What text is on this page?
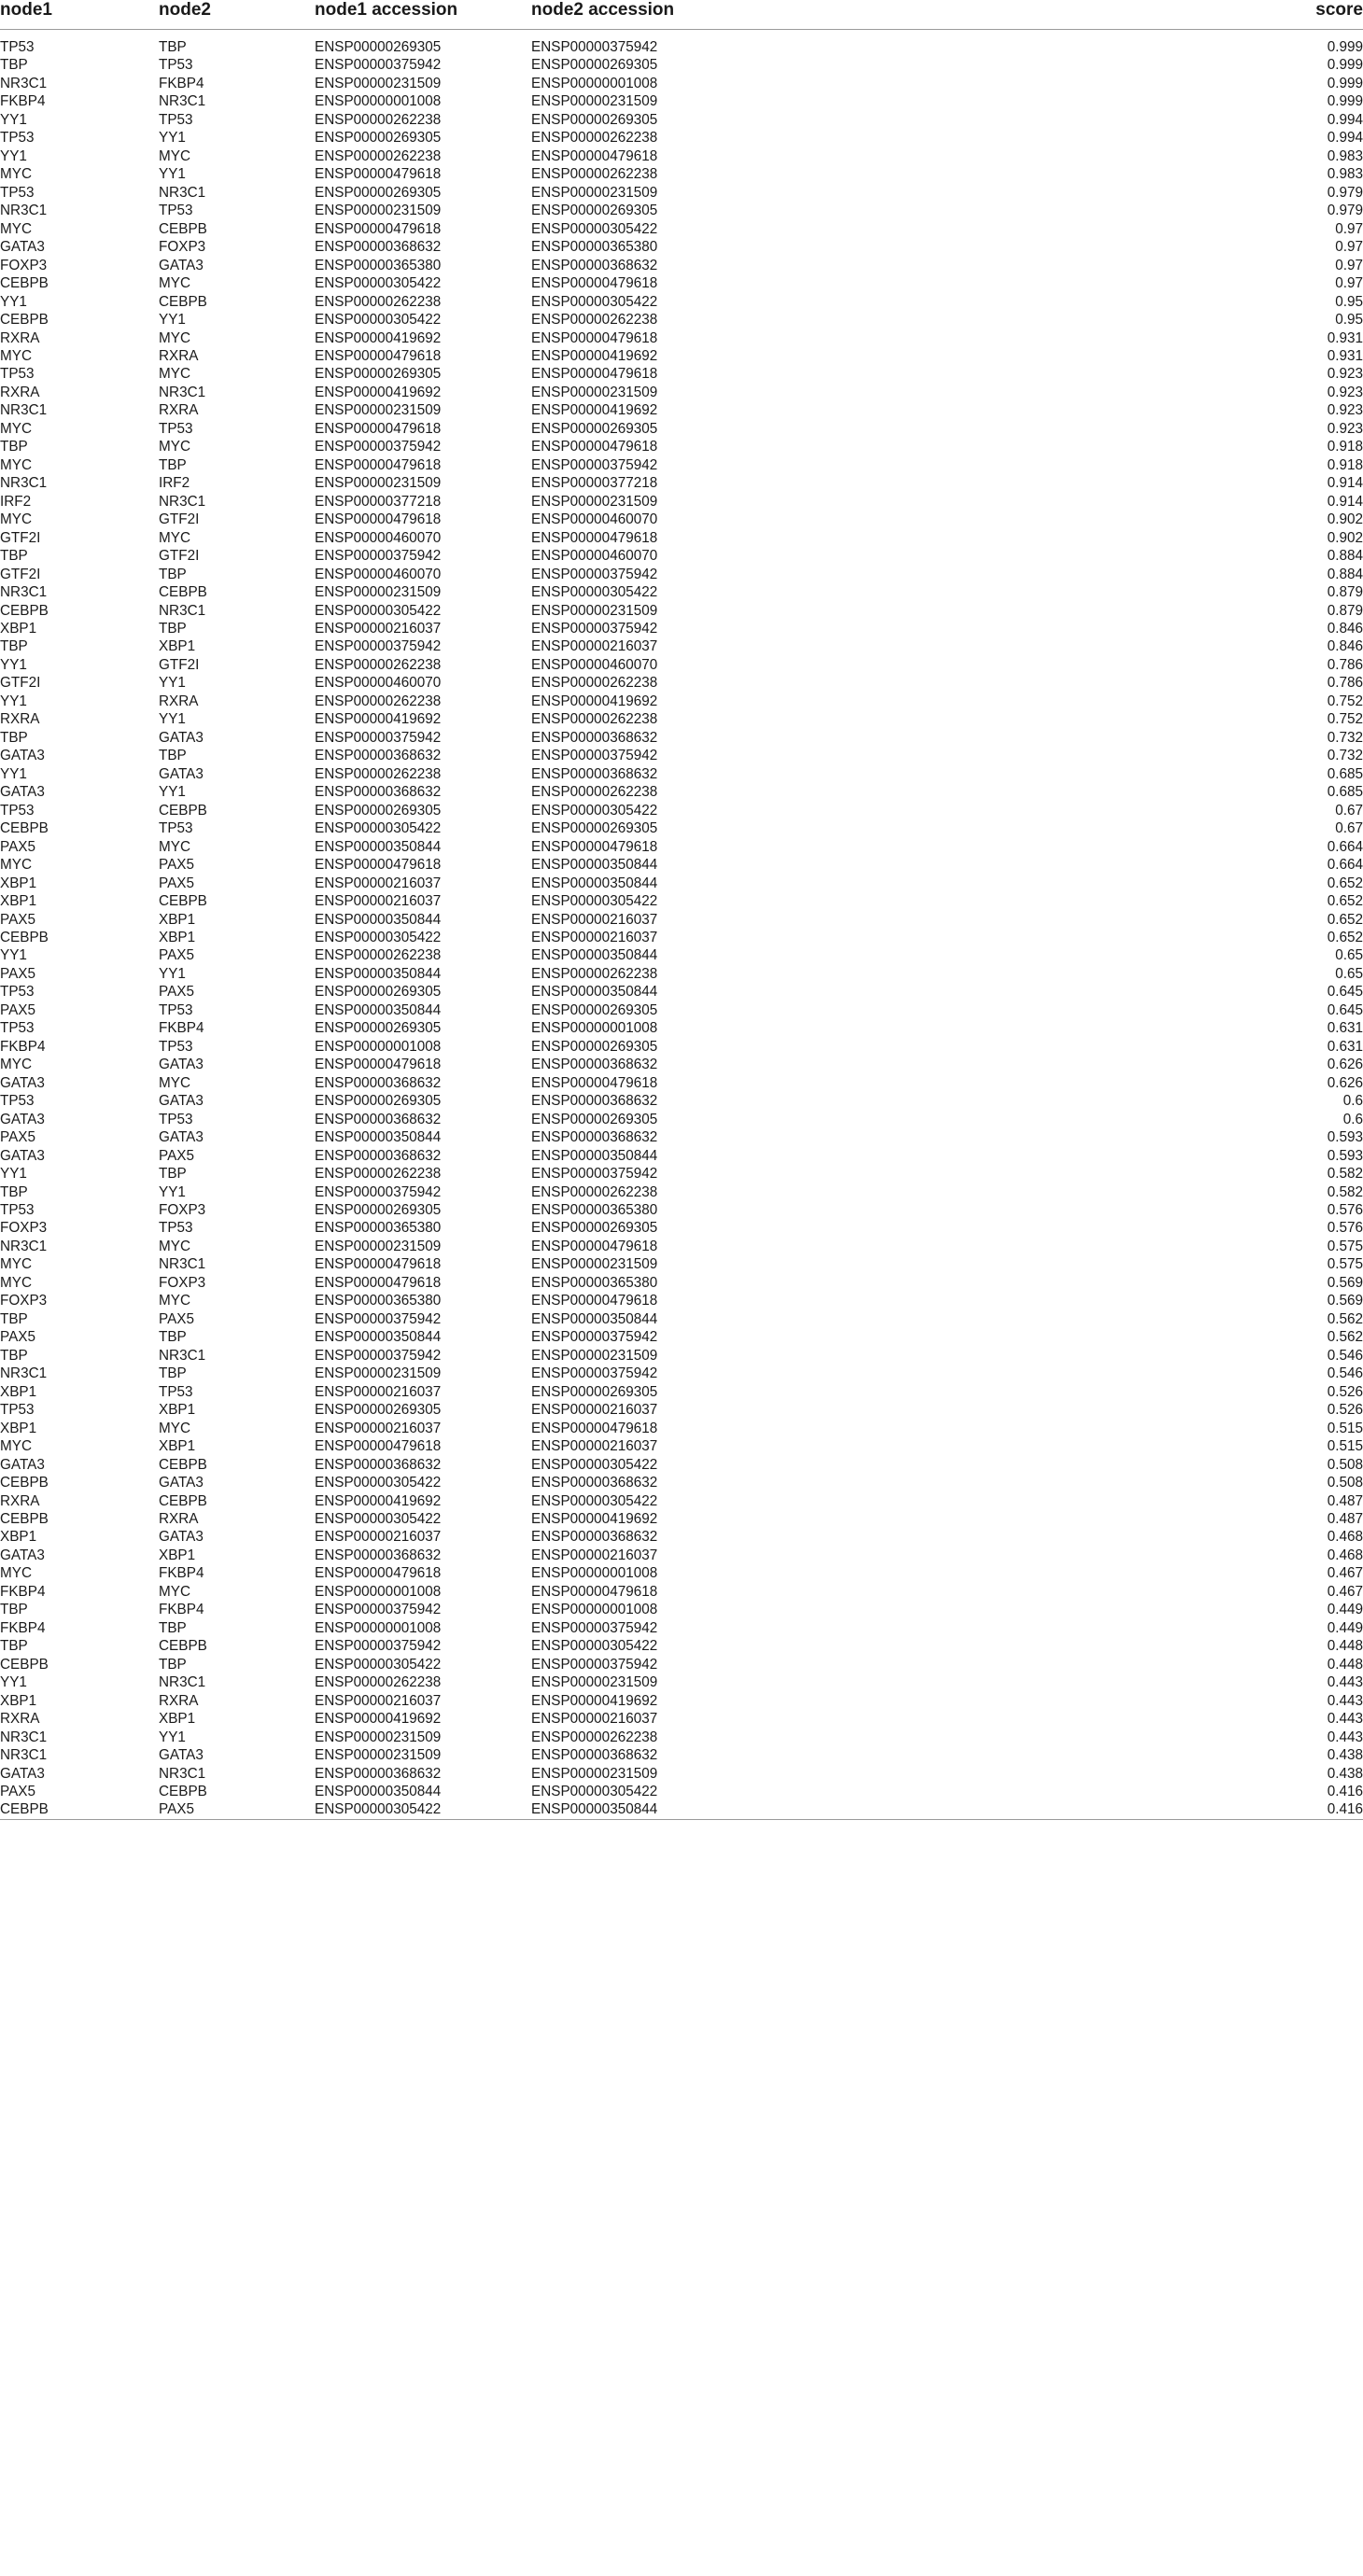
node1	node2	node1 accession	node2 accession	score

TP53	TBP	ENSP00000269305	ENSP00000375942	0.999
TBP	TP53	ENSP00000375942	ENSP00000269305	0.999
NR3C1	FKBP4	ENSP00000231509	ENSP00000001008	0.999
FKBP4	NR3C1	ENSP00000001008	ENSP00000231509	0.999
YY1	TP53	ENSP00000262238	ENSP00000269305	0.994
TP53	YY1	ENSP00000269305	ENSP00000262238	0.994
YY1	MYC	ENSP00000262238	ENSP00000479618	0.983
MYC	YY1	ENSP00000479618	ENSP00000262238	0.983
TP53	NR3C1	ENSP00000269305	ENSP00000231509	0.979
NR3C1	TP53	ENSP00000231509	ENSP00000269305	0.979
MYC	CEBPB	ENSP00000479618	ENSP00000305422	0.97
GATA3	FOXP3	ENSP00000368632	ENSP00000365380	0.97
FOXP3	GATA3	ENSP00000365380	ENSP00000368632	0.97
CEBPB	MYC	ENSP00000305422	ENSP00000479618	0.97
YY1	CEBPB	ENSP00000262238	ENSP00000305422	0.95
CEBPB	YY1	ENSP00000305422	ENSP00000262238	0.95
RXRA	MYC	ENSP00000419692	ENSP00000479618	0.931
MYC	RXRA	ENSP00000479618	ENSP00000419692	0.931
TP53	MYC	ENSP00000269305	ENSP00000479618	0.923
RXRA	NR3C1	ENSP00000419692	ENSP00000231509	0.923
NR3C1	RXRA	ENSP00000231509	ENSP00000419692	0.923
MYC	TP53	ENSP00000479618	ENSP00000269305	0.923
TBP	MYC	ENSP00000375942	ENSP00000479618	0.918
MYC	TBP	ENSP00000479618	ENSP00000375942	0.918
NR3C1	IRF2	ENSP00000231509	ENSP00000377218	0.914
IRF2	NR3C1	ENSP00000377218	ENSP00000231509	0.914
MYC	GTF2I	ENSP00000479618	ENSP00000460070	0.902
GTF2I	MYC	ENSP00000460070	ENSP00000479618	0.902
TBP	GTF2I	ENSP00000375942	ENSP00000460070	0.884
GTF2I	TBP	ENSP00000460070	ENSP00000375942	0.884
NR3C1	CEBPB	ENSP00000231509	ENSP00000305422	0.879
CEBPB	NR3C1	ENSP00000305422	ENSP00000231509	0.879
XBP1	TBP	ENSP00000216037	ENSP00000375942	0.846
TBP	XBP1	ENSP00000375942	ENSP00000216037	0.846
YY1	GTF2I	ENSP00000262238	ENSP00000460070	0.786
GTF2I	YY1	ENSP00000460070	ENSP00000262238	0.786
YY1	RXRA	ENSP00000262238	ENSP00000419692	0.752
RXRA	YY1	ENSP00000419692	ENSP00000262238	0.752
TBP	GATA3	ENSP00000375942	ENSP00000368632	0.732
GATA3	TBP	ENSP00000368632	ENSP00000375942	0.732
YY1	GATA3	ENSP00000262238	ENSP00000368632	0.685
GATA3	YY1	ENSP00000368632	ENSP00000262238	0.685
TP53	CEBPB	ENSP00000269305	ENSP00000305422	0.67
CEBPB	TP53	ENSP00000305422	ENSP00000269305	0.67
PAX5	MYC	ENSP00000350844	ENSP00000479618	0.664
MYC	PAX5	ENSP00000479618	ENSP00000350844	0.664
XBP1	PAX5	ENSP00000216037	ENSP00000350844	0.652
XBP1	CEBPB	ENSP00000216037	ENSP00000305422	0.652
PAX5	XBP1	ENSP00000350844	ENSP00000216037	0.652
CEBPB	XBP1	ENSP00000305422	ENSP00000216037	0.652
YY1	PAX5	ENSP00000262238	ENSP00000350844	0.65
PAX5	YY1	ENSP00000350844	ENSP00000262238	0.65
TP53	PAX5	ENSP00000269305	ENSP00000350844	0.645
PAX5	TP53	ENSP00000350844	ENSP00000269305	0.645
TP53	FKBP4	ENSP00000269305	ENSP00000001008	0.631
FKBP4	TP53	ENSP00000001008	ENSP00000269305	0.631
MYC	GATA3	ENSP00000479618	ENSP00000368632	0.626
GATA3	MYC	ENSP00000368632	ENSP00000479618	0.626
TP53	GATA3	ENSP00000269305	ENSP00000368632	0.6
GATA3	TP53	ENSP00000368632	ENSP00000269305	0.6
PAX5	GATA3	ENSP00000350844	ENSP00000368632	0.593
GATA3	PAX5	ENSP00000368632	ENSP00000350844	0.593
YY1	TBP	ENSP00000262238	ENSP00000375942	0.582
TBP	YY1	ENSP00000375942	ENSP00000262238	0.582
TP53	FOXP3	ENSP00000269305	ENSP00000365380	0.576
FOXP3	TP53	ENSP00000365380	ENSP00000269305	0.576
NR3C1	MYC	ENSP00000231509	ENSP00000479618	0.575
MYC	NR3C1	ENSP00000479618	ENSP00000231509	0.575
MYC	FOXP3	ENSP00000479618	ENSP00000365380	0.569
FOXP3	MYC	ENSP00000365380	ENSP00000479618	0.569
TBP	PAX5	ENSP00000375942	ENSP00000350844	0.562
PAX5	TBP	ENSP00000350844	ENSP00000375942	0.562
TBP	NR3C1	ENSP00000375942	ENSP00000231509	0.546
NR3C1	TBP	ENSP00000231509	ENSP00000375942	0.546
XBP1	TP53	ENSP00000216037	ENSP00000269305	0.526
TP53	XBP1	ENSP00000269305	ENSP00000216037	0.526
XBP1	MYC	ENSP00000216037	ENSP00000479618	0.515
MYC	XBP1	ENSP00000479618	ENSP00000216037	0.515
GATA3	CEBPB	ENSP00000368632	ENSP00000305422	0.508
CEBPB	GATA3	ENSP00000305422	ENSP00000368632	0.508
RXRA	CEBPB	ENSP00000419692	ENSP00000305422	0.487
CEBPB	RXRA	ENSP00000305422	ENSP00000419692	0.487
XBP1	GATA3	ENSP00000216037	ENSP00000368632	0.468
GATA3	XBP1	ENSP00000368632	ENSP00000216037	0.468
MYC	FKBP4	ENSP00000479618	ENSP00000001008	0.467
FKBP4	MYC	ENSP00000001008	ENSP00000479618	0.467
TBP	FKBP4	ENSP00000375942	ENSP00000001008	0.449
FKBP4	TBP	ENSP00000001008	ENSP00000375942	0.449
TBP	CEBPB	ENSP00000375942	ENSP00000305422	0.448
CEBPB	TBP	ENSP00000305422	ENSP00000375942	0.448
YY1	NR3C1	ENSP00000262238	ENSP00000231509	0.443
XBP1	RXRA	ENSP00000216037	ENSP00000419692	0.443
RXRA	XBP1	ENSP00000419692	ENSP00000216037	0.443
NR3C1	YY1	ENSP00000231509	ENSP00000262238	0.443
NR3C1	GATA3	ENSP00000231509	ENSP00000368632	0.438
GATA3	NR3C1	ENSP00000368632	ENSP00000231509	0.438
PAX5	CEBPB	ENSP00000350844	ENSP00000305422	0.416
CEBPB	PAX5	ENSP00000305422	ENSP00000350844	0.416
